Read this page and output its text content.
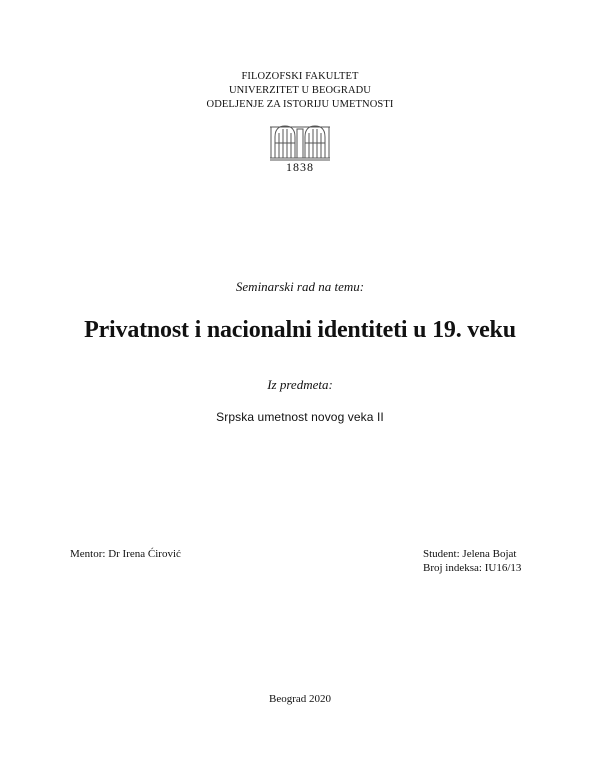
FILOZOFSKI FAKULTET
UNIVERZITET U BEOGRADU
ODELJENJE ZA ISTORIJU UMETNOSTI
1838
Seminarski rad na temu:
Privatnost i nacionalni identiteti u 19. veku
Iz predmeta:
Srpska umetnost novog veka II
Mentor: Dr Irena Ćirović	Student: Jelena Bojat
Broj indeksa: IU16/13
Beograd 2020
